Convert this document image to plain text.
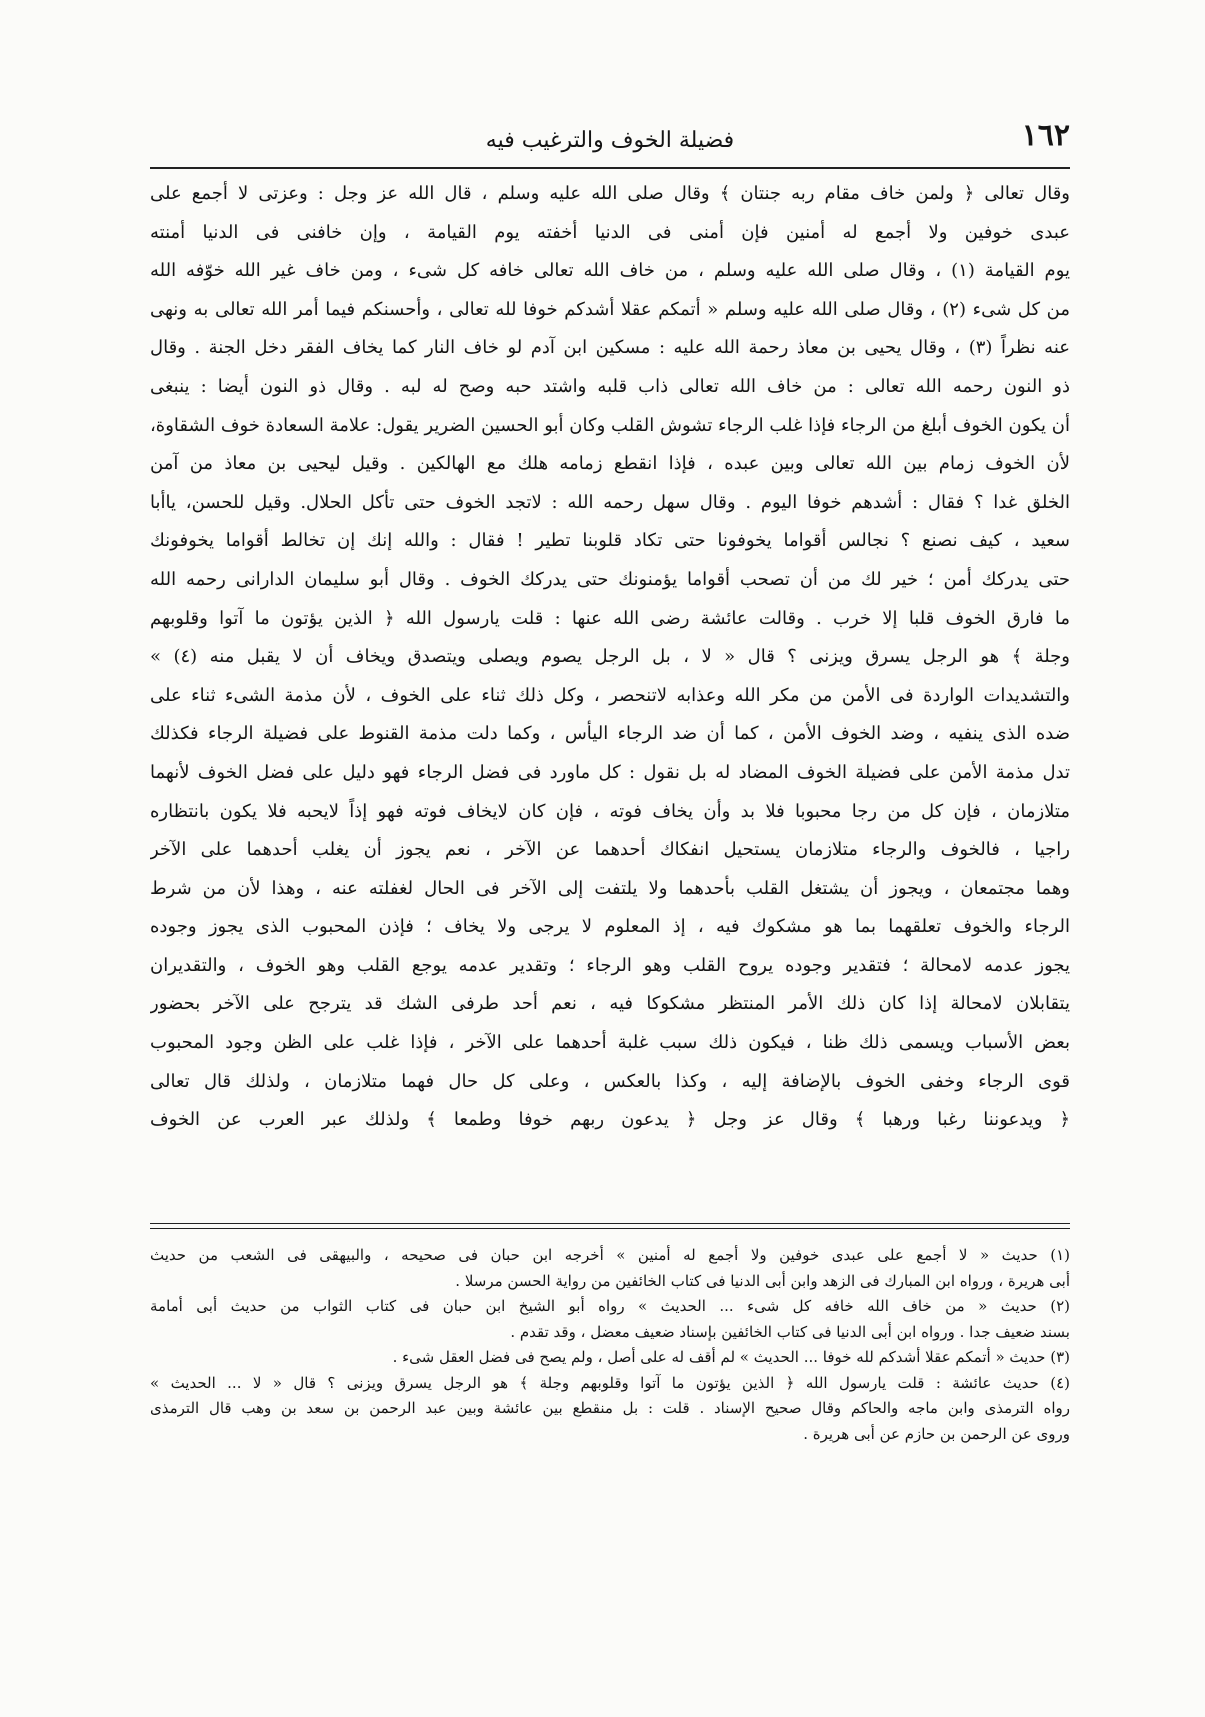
١٦٢
فضيلة الخوف والترغيب فيه
وقال تعالى ﴿ ولمن خاف مقام ربه جنتان ﴾ وقال صلى الله عليه وسلم ، قال الله عز وجل : وعزتى لا أجمع على
عبدى خوفين ولا أجمع له أمنين فإن أمنى فى الدنيا أخفته يوم القيامة ، وإن خافنى فى الدنيا أمنته
يوم القيامة (١) ، وقال صلى الله عليه وسلم ، من خاف الله تعالى خافه كل شىء ، ومن خاف غير الله خوّفه الله
من كل شىء (٢) ، وقال صلى الله عليه وسلم « أتمكم عقلا أشدكم خوفا لله تعالى ، وأحسنكم فيما أمر الله تعالى به ونهى
عنه نظراً (٣) ، وقال يحيى بن معاذ رحمة الله عليه : مسكين ابن آدم لو خاف النار كما يخاف الفقر دخل الجنة . وقال
ذو النون رحمه الله تعالى : من خاف الله تعالى ذاب قلبه واشتد حبه وصح له لبه . وقال ذو النون أيضا : ينبغى
أن يكون الخوف أبلغ من الرجاء فإذا غلب الرجاء تشوش القلب وكان أبو الحسين الضرير يقول: علامة السعادة خوف الشقاوة،
لأن الخوف زمام بين الله تعالى وبين عبده ، فإذا انقطع زمامه هلك مع الهالكين . وقيل ليحيى بن معاذ من آمن
الخلق غدا ؟ فقال : أشدهم خوفا اليوم . وقال سهل رحمه الله : لاتجد الخوف حتى تأكل الحلال. وقيل للحسن، ياأبا
سعيد ، كيف نصنع ؟ نجالس أقواما يخوفونا حتى تكاد قلوبنا تطير ! فقال : والله إنك إن تخالط أقواما يخوفونك
حتى يدركك أمن ؛ خير لك من أن تصحب أقواما يؤمنونك حتى يدركك الخوف . وقال أبو سليمان الدارانى رحمه الله
ما فارق الخوف قلبا إلا خرب . وقالت عائشة رضى الله عنها : قلت يارسول الله ﴿ الذين يؤتون ما آتوا وقلوبهم
وجلة ﴾ هو الرجل يسرق ويزنى ؟ قال « لا ، بل الرجل يصوم ويصلى ويتصدق ويخاف أن لا يقبل منه (٤) »
والتشديدات الواردة فى الأمن من مكر الله وعذابه لاتنحصر ، وكل ذلك ثناء على الخوف ، لأن مذمة الشىء ثناء على
ضده الذى ينفيه ، وضد الخوف الأمن ، كما أن ضد الرجاء اليأس ، وكما دلت مذمة القنوط على فضيلة الرجاء فكذلك
تدل مذمة الأمن على فضيلة الخوف المضاد له بل نقول : كل ماورد فى فضل الرجاء فهو دليل على فضل الخوف لأنهما
متلازمان ، فإن كل من رجا محبوبا فلا بد وأن يخاف فوته ، فإن كان لايخاف فوته فهو إذاً لايحبه فلا يكون بانتظاره
راجيا ، فالخوف والرجاء متلازمان يستحيل انفكاك أحدهما عن الآخر ، نعم يجوز أن يغلب أحدهما على الآخر
وهما مجتمعان ، ويجوز أن يشتغل القلب بأحدهما ولا يلتفت إلى الآخر فى الحال لغفلته عنه ، وهذا لأن من شرط
الرجاء والخوف تعلقهما بما هو مشكوك فيه ، إذ المعلوم لا يرجى ولا يخاف ؛ فإذن المحبوب الذى يجوز وجوده
يجوز عدمه لامحالة ؛ فتقدير وجوده يروح القلب وهو الرجاء ؛ وتقدير عدمه يوجع القلب وهو الخوف ، والتقديران
يتقابلان لامحالة إذا كان ذلك الأمر المنتظر مشكوكا فيه ، نعم أحد طرفى الشك قد يترجح على الآخر بحضور
بعض الأسباب ويسمى ذلك ظنا ، فيكون ذلك سبب غلبة أحدهما على الآخر ، فإذا غلب على الظن وجود المحبوب
قوى الرجاء وخفى الخوف بالإضافة إليه ، وكذا بالعكس ، وعلى كل حال فهما متلازمان ، ولذلك قال تعالى
﴿ ويدعوننا رغبا ورهبا ﴾ وقال عز وجل ﴿ يدعون ربهم خوفا وطمعا ﴾ ولذلك عبر العرب عن الخوف
(١) حديث « لا أجمع على عبدى خوفين ولا أجمع له أمنين » أخرجه ابن حبان فى صحيحه ، والبيهقى فى الشعب من حديث
أبى هريرة ، ورواه ابن المبارك فى الزهد وابن أبى الدنيا فى كتاب الخائفين من رواية الحسن مرسلا .
(٢) حديث « من خاف الله خافه كل شىء ... الحديث » رواه أبو الشيخ ابن حبان فى كتاب الثواب من حديث أبى أمامة
بسند ضعيف جدا . ورواه ابن أبى الدنيا فى كتاب الخائفين بإسناد ضعيف معضل ، وقد تقدم .
(٣) حديث « أتمكم عقلا أشدكم لله خوفا ... الحديث » لم أقف له على أصل ، ولم يصح فى فضل العقل شىء .
(٤) حديث عائشة : قلت يارسول الله ﴿ الذين يؤتون ما آتوا وقلوبهم وجلة ﴾ هو الرجل يسرق ويزنى ؟ قال « لا ... الحديث »
رواه الترمذى وابن ماجه والحاكم وقال صحيح الإسناد . قلت : بل منقطع بين عائشة وبين عبد الرحمن بن سعد بن وهب قال الترمذى
وروى عن الرحمن بن حازم عن أبى هريرة .
